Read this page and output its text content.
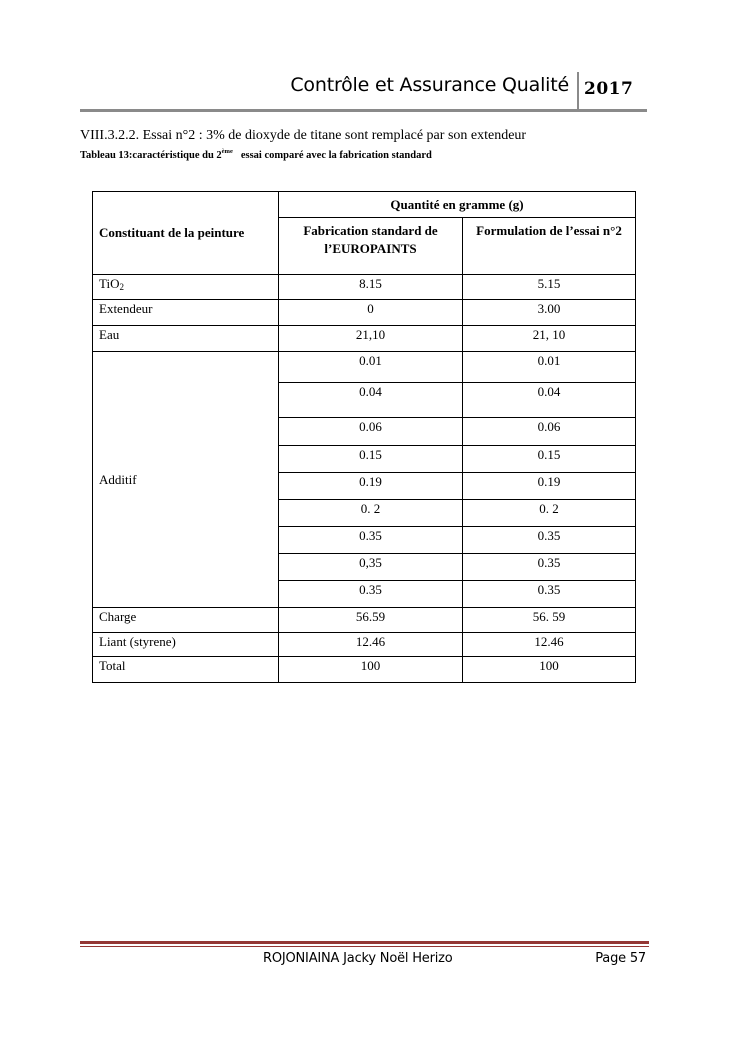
Contrôle et Assurance Qualité 2017
VIII.3.2.2. Essai n°2 : 3% de dioxyde de titane sont remplacé par son extendeur
Tableau 13:caractéristique du 2ème essai comparé avec la fabrication standard
Constituant de la peinture	Quantité en gramme (g)	
	Fabrication standard de l’EUROPAINTS	Formulation de l’essai n°2
TiO$_2$	8.15	5.15
Extendeur	0	3.00
Eau	21,10	21, 10
Additif	0.01	0.01
	0.04	0.04
	0.06	0.06
	0.15	0.15
	0.19	0.19
	0. 2	0. 2
	0.35	0.35
	0,35	0.35
	0.35	0.35
Charge	56.59	56. 59
Liant (styrene)	12.46	12.46
Total	100	100
ROJONIAINA Jacky Noël Herizo	Page 57
